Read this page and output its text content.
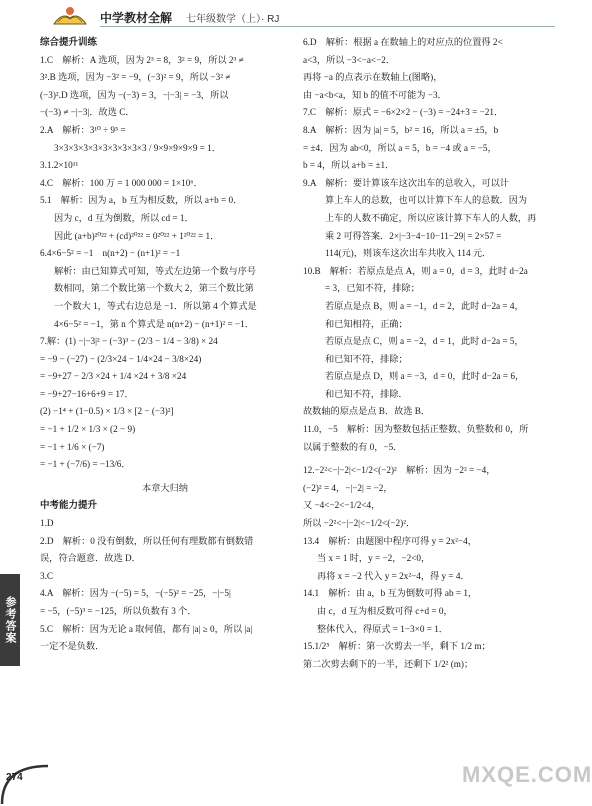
中学教材全解 七年级数学（上）· RJ

综合提升训练

1.C　解析：A 选项，因为 2³ = 8，3² = 9，所以 2³ ≠

3².B 选项，因为 −3² = −9，(−3)² = 9，所以 −3² ≠

(−3)².D 选项，因为 −(−3) = 3，−|−3| = −3，所以

−(−3) ≠ −|−3|．故选 C．

2.A　解析：3¹⁰ ÷ 9⁵ =

3×3×3×3×3×3×3×3×3×3 / 9×9×9×9×9 = 1．

3.1.2×10¹¹

4.C　解析：100 万 = 1 000 000 = 1×10⁶．

5.1　解析：因为 a，b 互为相反数，所以 a+b = 0．

因为 c，d 互为倒数，所以 cd = 1．

因此 (a+b)²⁰²² + (cd)²⁰²² = 0²⁰²² + 1²⁰²² = 1．

6.4×6−5² = −1　n(n+2) − (n+1)² = −1

解析：由已知算式可知，等式左边第一个数与序号

数相同，第二个数比第一个数大 2，第三个数比第

一个数大 1，等式右边总是 −1．所以第 4 个算式是

4×6−5² = −1，第 n 个算式是 n(n+2) − (n+1)² = −1．

7.解：(1) −|−3|² − (−3)³ − (2/3 − 1/4 − 3/8) × 24

= −9 − (−27) − (2/3×24 − 1/4×24 − 3/8×24)

= −9+27 − 2/3 ×24 + 1/4 ×24 + 3/8 ×24

= −9+27−16+6+9 = 17．

(2) −1⁴ + (1−0.5) × 1/3 × [2 − (−3)²]

= −1 + 1/2 × 1/3 × (2 − 9)

= −1 + 1/6 × (−7)

= −1 + (−7/6) = −13/6．

本章大归纳

中考能力提升

1.D

2.D　解析：0 没有倒数，所以任何有理数都有倒数错

误，符合题意．故选 D．

3.C

4.A　解析：因为 −(−5) = 5，−(−5)² = −25，−|−5|

= −5，(−5)³ = −125，所以负数有 3 个．

5.C　解析：因为无论 a 取何值，都有 |a| ≥ 0，所以 |a|

一定不是负数．

6.D　解析：根据 a 在数轴上的对应点的位置得 2<

a<3，所以 −3<−a<−2．

再将 −a 的点表示在数轴上(图略)，

由 −a<b<a，知 b 的值不可能为 −3．

7.C　解析：原式 = −6×2×2 − (−3) = −24+3 = −21．

8.A　解析：因为 |a| = 5，b² = 16，所以 a = ±5，b

= ±4．因为 ab<0，所以 a = 5，b = −4 或 a = −5，

b = 4，所以 a+b = ±1．

9.A　解析：要计算该车这次出车的总收入，可以计

算上车人的总数，也可以计算下车人的总数．因为

上车的人数不确定，所以应该计算下车人的人数，再

乘 2 可得答案．2×|−3−4−10−11−29| = 2×57 =

114(元)，则该车这次出车共收入 114 元．

10.B　解析：若原点是点 A，则 a = 0，d = 3，此时 d−2a

= 3，已知不符，排除；

若原点是点 B，则 a = −1，d = 2，此时 d−2a = 4，

和已知相符，正确；

若原点是点 C，则 a = −2，d = 1，此时 d−2a = 5，

和已知不符，排除；

若原点是点 D，则 a = −3，d = 0，此时 d−2a = 6，

和已知不符，排除．

故数轴的原点是点 B．故选 B．

11.0，−5　解析：因为整数包括正整数、负整数和 0，所

以属于整数的有 0，−5．

12.−2²<−|−2|<−1/2<(−2)²　解析：因为 −2² = −4，

(−2)² = 4，−|−2| = −2，

又 −4<−2<−1/2<4，

所以 −2²<−|−2|<−1/2<(−2)²．

13.4　解析：由题图中程序可得 y = 2x²−4，

当 x = 1 时，y = −2，−2<0，

再将 x = −2 代入 y = 2x²−4，得 y = 4．

14.1　解析：由 a，b 互为倒数可得 ab = 1，

由 c，d 互为相反数可得 c+d = 0，

整体代入，得原式 = 1−3×0 = 1．

15.1/2⁵　解析：第一次剪去一半，剩下 1/2 m；

第二次剪去剩下的一半，还剩下 1/2² (m)；

参考答案
274	MXQE.COM
